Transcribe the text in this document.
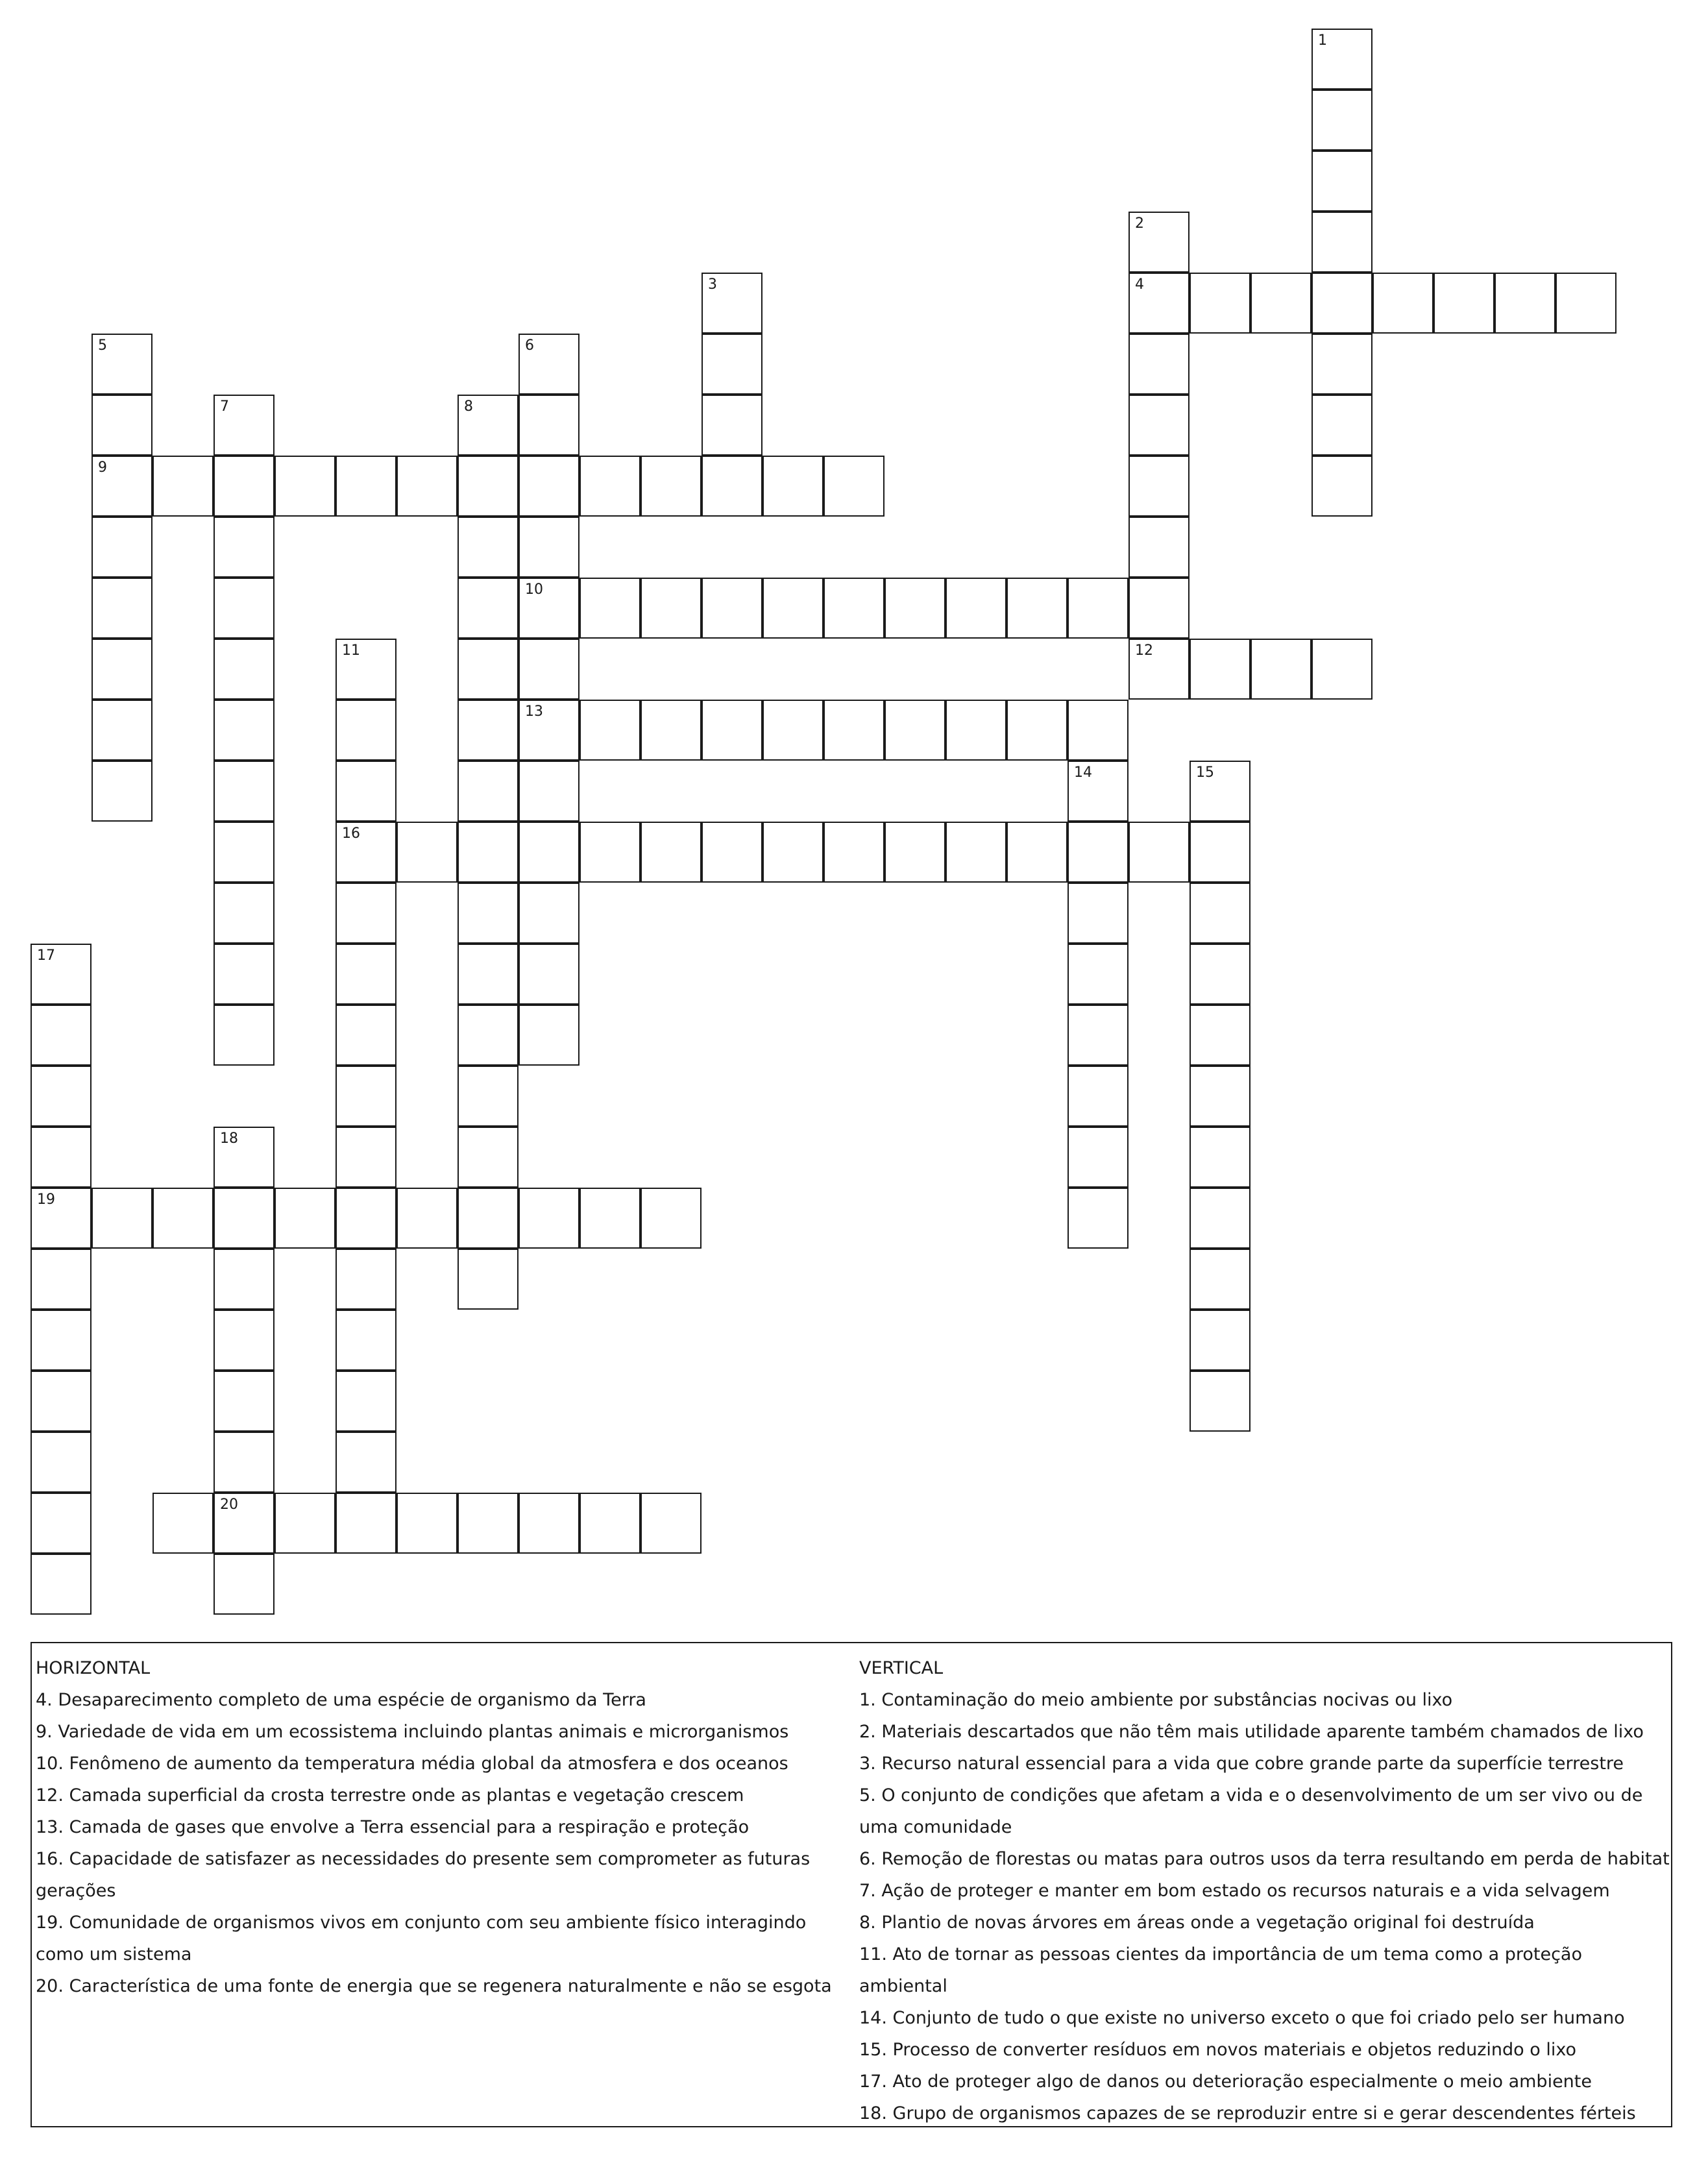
1
2
4
3
5
9
6
10
13
7	8
11
16
12
14	15
17
19
18
20

HORIZONTAL

4. Desaparecimento completo de uma espécie de organismo da Terra

9. Variedade de vida em um ecossistema incluindo plantas animais e microrganismos

10. Fenômeno de aumento da temperatura média global da atmosfera e dos oceanos

12. Camada superficial da crosta terrestre onde as plantas e vegetação crescem

13. Camada de gases que envolve a Terra essencial para a respiração e proteção

16. Capacidade de satisfazer as necessidades do presente sem comprometer as futuras gerações

19. Comunidade de organismos vivos em conjunto com seu ambiente físico interagindo como um sistema

20. Característica de uma fonte de energia que se regenera naturalmente e não se esgota

VERTICAL

1. Contaminação do meio ambiente por substâncias nocivas ou lixo

2. Materiais descartados que não têm mais utilidade aparente também chamados de lixo

3. Recurso natural essencial para a vida que cobre grande parte da superfície terrestre

5. O conjunto de condições que afetam a vida e o desenvolvimento de um ser vivo ou de uma comunidade

6. Remoção de florestas ou matas para outros usos da terra resultando em perda de habitat

7. Ação de proteger e manter em bom estado os recursos naturais e a vida selvagem

8. Plantio de novas árvores em áreas onde a vegetação original foi destruída

11. Ato de tornar as pessoas cientes da importância de um tema como a proteção ambiental

14. Conjunto de tudo o que existe no universo exceto o que foi criado pelo ser humano

15. Processo de converter resíduos em novos materiais e objetos reduzindo o lixo

17. Ato de proteger algo de danos ou deterioração especialmente o meio ambiente

18. Grupo de organismos capazes de se reproduzir entre si e gerar descendentes férteis
